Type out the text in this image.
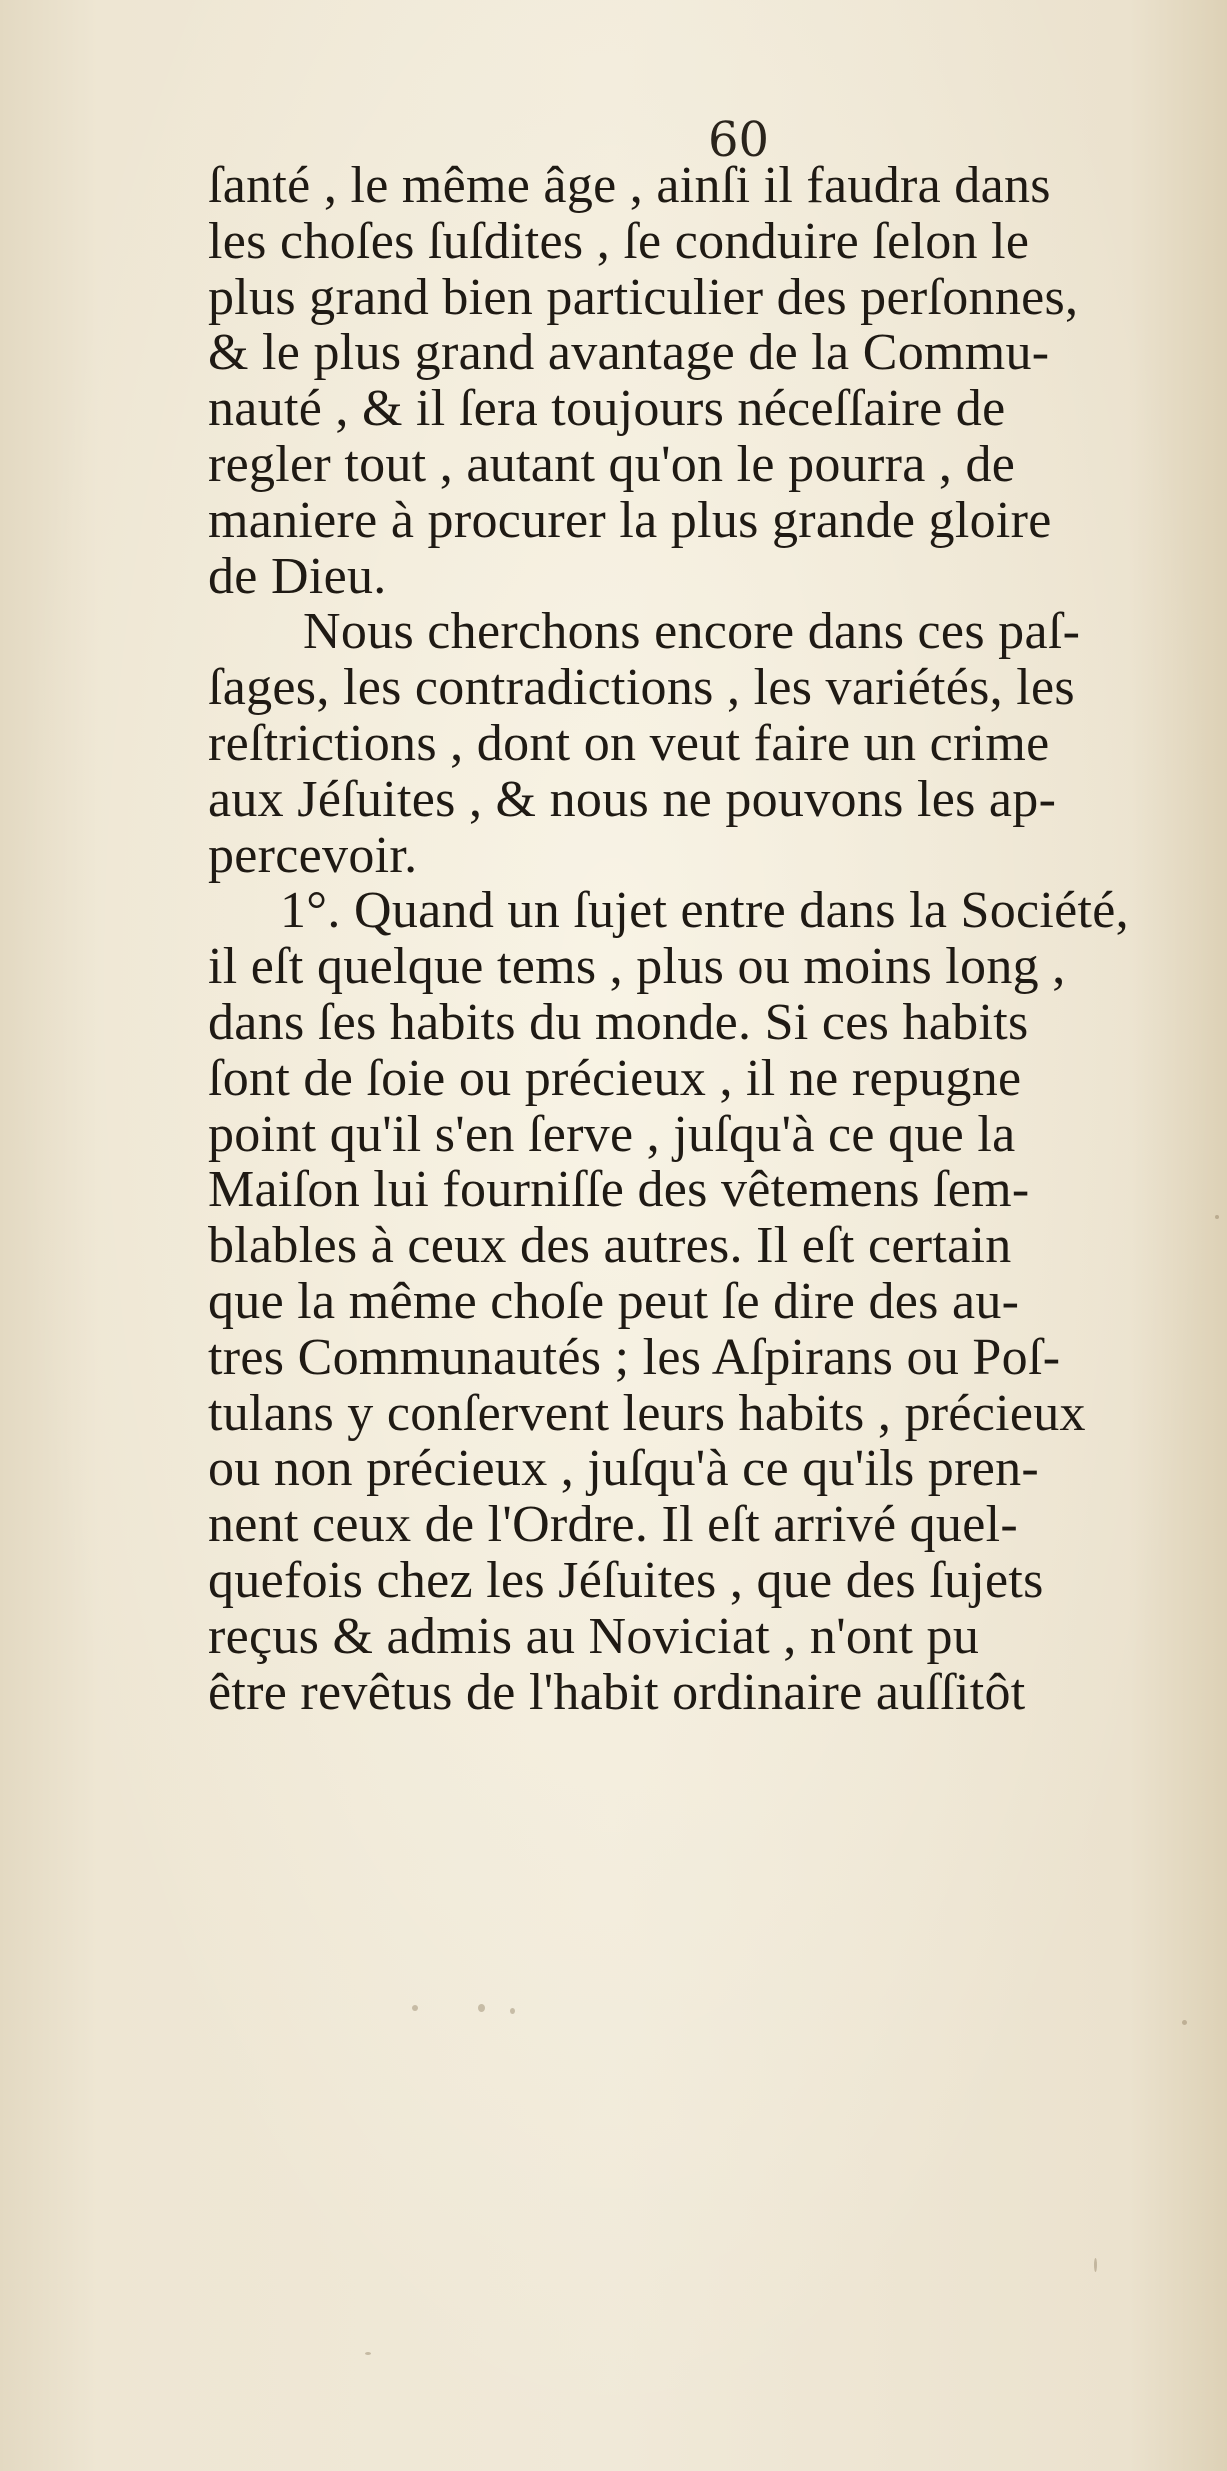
60
ſanté , le même âge , ainſi il faudra dans
les choſes ſuſdites , ſe conduire ſelon le
plus grand bien particulier des perſonnes,
& le plus grand avantage de la Commu-
nauté , & il ſera toujours néceſſaire de
regler tout , autant qu'on le pourra , de
maniere à procurer la plus grande gloire
de Dieu.
Nous cherchons encore dans ces paſ-
ſages, les contradictions , les variétés, les
reſtrictions , dont on veut faire un crime
aux Jéſuites , & nous ne pouvons les ap-
percevoir.
1°. Quand un ſujet entre dans la Société,
il eſt quelque tems , plus ou moins long ,
dans ſes habits du monde. Si ces habits
ſont de ſoie ou précieux , il ne repugne
point qu'il s'en ſerve , juſqu'à ce que la
Maiſon lui fourniſſe des vêtemens ſem-
blables à ceux des autres. Il eſt certain
que la même choſe peut ſe dire des au-
tres Communautés ; les Aſpirans ou Poſ-
tulans y conſervent leurs habits , précieux
ou non précieux , juſqu'à ce qu'ils pren-
nent ceux de l'Ordre. Il eſt arrivé quel-
quefois chez les Jéſuites , que des ſujets
reçus & admis au Noviciat , n'ont pu
être revêtus de l'habit ordinaire auſſitôt
